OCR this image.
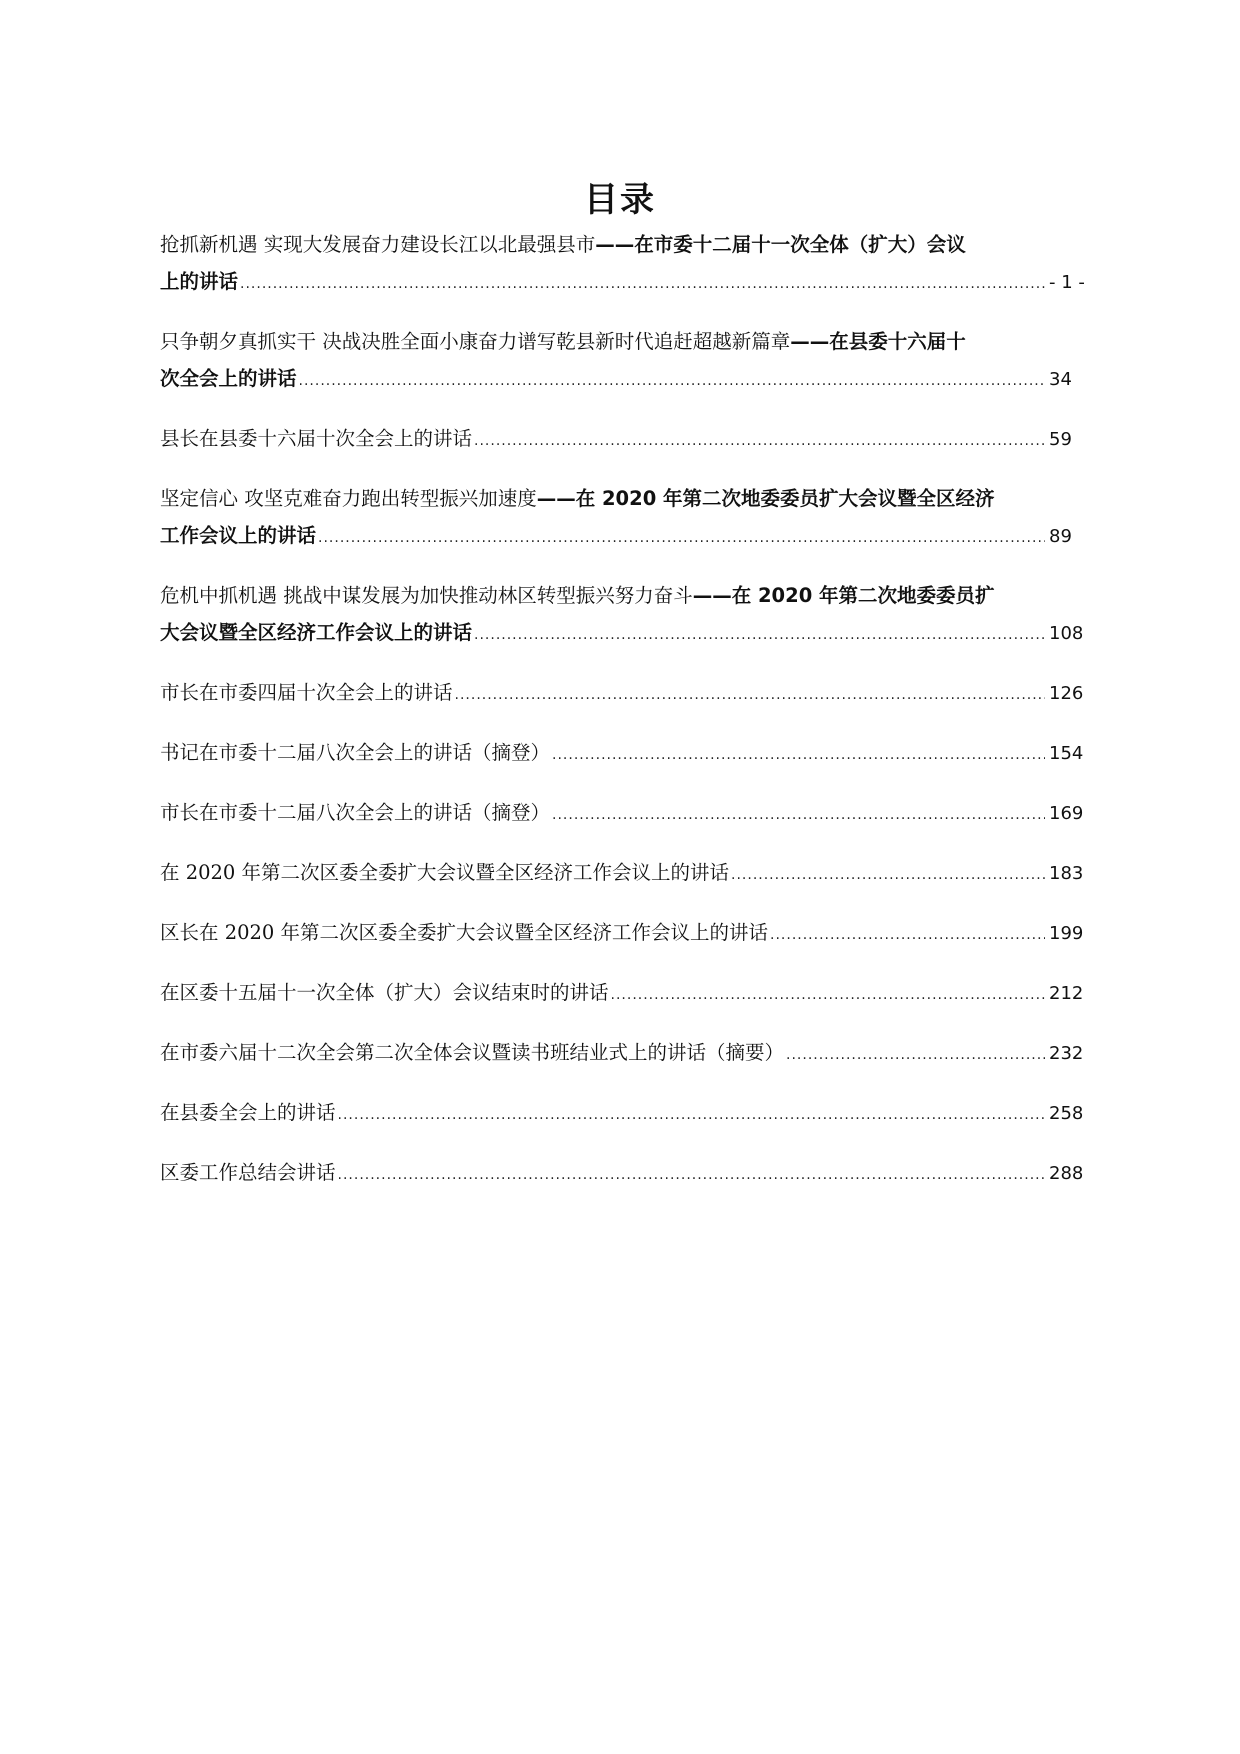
目录
抢抓新机遇 实现大发展奋力建设长江以北最强县市——在市委十二届十一次全体（扩大）会议
上的讲话 .....	- 1 -
只争朝夕真抓实干 决战决胜全面小康奋力谱写乾县新时代追赶超越新篇章——在县委十六届十
次全会上的讲话 .....	34
县长在县委十六届十次全会上的讲话 .....	59
坚定信心 攻坚克难奋力跑出转型振兴加速度——在 2020 年第二次地委委员扩大会议暨全区经济
工作会议上的讲话 .....	89
危机中抓机遇 挑战中谋发展为加快推动林区转型振兴努力奋斗——在 2020 年第二次地委委员扩
大会议暨全区经济工作会议上的讲话 .....	108
市长在市委四届十次全会上的讲话 .....	126
书记在市委十二届八次全会上的讲话（摘登） .....	154
市长在市委十二届八次全会上的讲话（摘登） .....	169
在 2020 年第二次区委全委扩大会议暨全区经济工作会议上的讲话 .....	183
区长在 2020 年第二次区委全委扩大会议暨全区经济工作会议上的讲话 .....	199
在区委十五届十一次全体（扩大）会议结束时的讲话 .....	212
在市委六届十二次全会第二次全体会议暨读书班结业式上的讲话（摘要） .....	232
在县委全会上的讲话 .....	258
区委工作总结会讲话 .....	288
